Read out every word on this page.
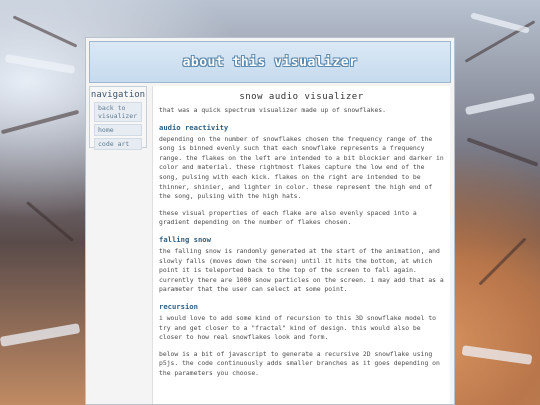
about this visualizer
navigation
back to visualizer
home
code art
snow audio visualizer

that was a quick spectrum visualizer made up of snowflakes.

audio reactivity

depending on the number of snowflakes chosen the frequency range of the song is binned evenly such that each snowflake represents a frequency range. the flakes on the left are intended to a bit blockier and darker in color and material. these rightmost flakes capture the low end of the song, pulsing with each kick. flakes on the right are intended to be thinner, shinier, and lighter in color. these represent the high end of the song, pulsing with the high hats.

these visual properties of each flake are also evenly spaced into a gradient depending on the number of flakes chosen.

falling snow

the falling snow is randomly generated at the start of the animation, and slowly falls (moves down the screen) until it hits the bottom, at which point it is teleported back to the top of the screen to fall again. currently there are 1000 snow particles on the screen. i may add that as a parameter that the user can select at some point.

recursion

i would love to add some kind of recursion to this 3D snowflake model to try and get closer to a "fractal" kind of design. this would also be closer to how real snowflakes look and form.

below is a bit of javascript to generate a recursive 2D snowflake using p5js. the code continuously adds smaller branches as it goes depending on the parameters you choose.
